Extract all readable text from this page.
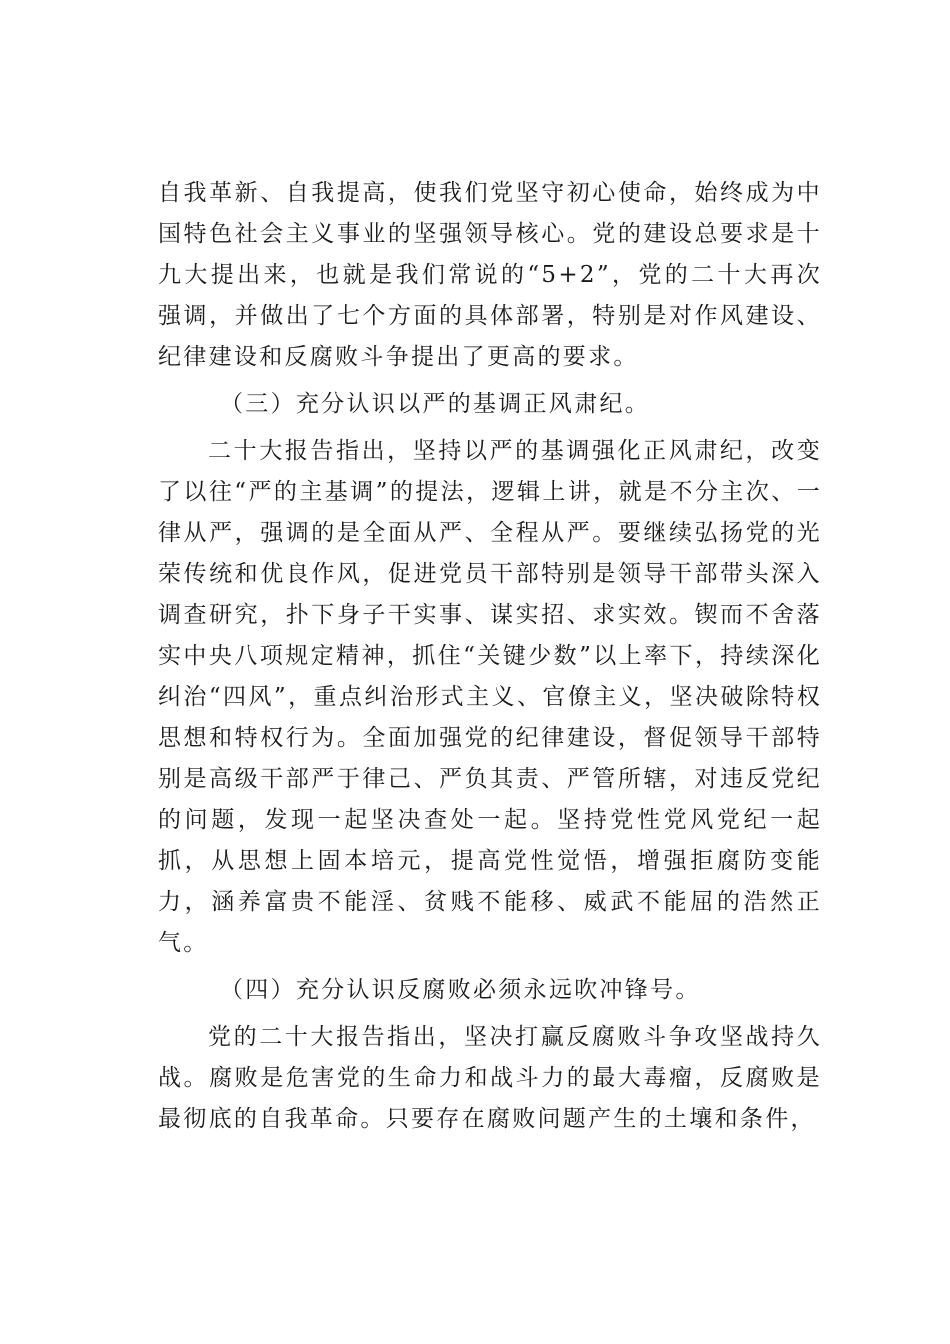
自我革新、自我提高，使我们党坚守初心使命，始终成为中国特色社会主义事业的坚强领导核心。党的建设总要求是十九大提出来，也就是我们常说的“5+2”，党的二十大再次强调，并做出了七个方面的具体部署，特别是对作风建设、纪律建设和反腐败斗争提出了更高的要求。

（三）充分认识以严的基调正风肃纪。

二十大报告指出，坚持以严的基调强化正风肃纪，改变了以往“严的主基调”的提法，逻辑上讲，就是不分主次、一律从严，强调的是全面从严、全程从严。要继续弘扬党的光荣传统和优良作风，促进党员干部特别是领导干部带头深入调查研究，扑下身子干实事、谋实招、求实效。锲而不舍落实中央八项规定精神，抓住“关键少数”以上率下，持续深化纠治“四风”，重点纠治形式主义、官僚主义，坚决破除特权思想和特权行为。全面加强党的纪律建设，督促领导干部特别是高级干部严于律己、严负其责、严管所辖，对违反党纪的问题，发现一起坚决查处一起。坚持党性党风党纪一起抓，从思想上固本培元，提高党性觉悟，增强拒腐防变能力，涵养富贵不能淫、贫贱不能移、威武不能屈的浩然正气。

（四）充分认识反腐败必须永远吹冲锋号。

党的二十大报告指出，坚决打赢反腐败斗争攻坚战持久战。腐败是危害党的生命力和战斗力的最大毒瘤，反腐败是最彻底的自我革命。只要存在腐败问题产生的土壤和条件，
